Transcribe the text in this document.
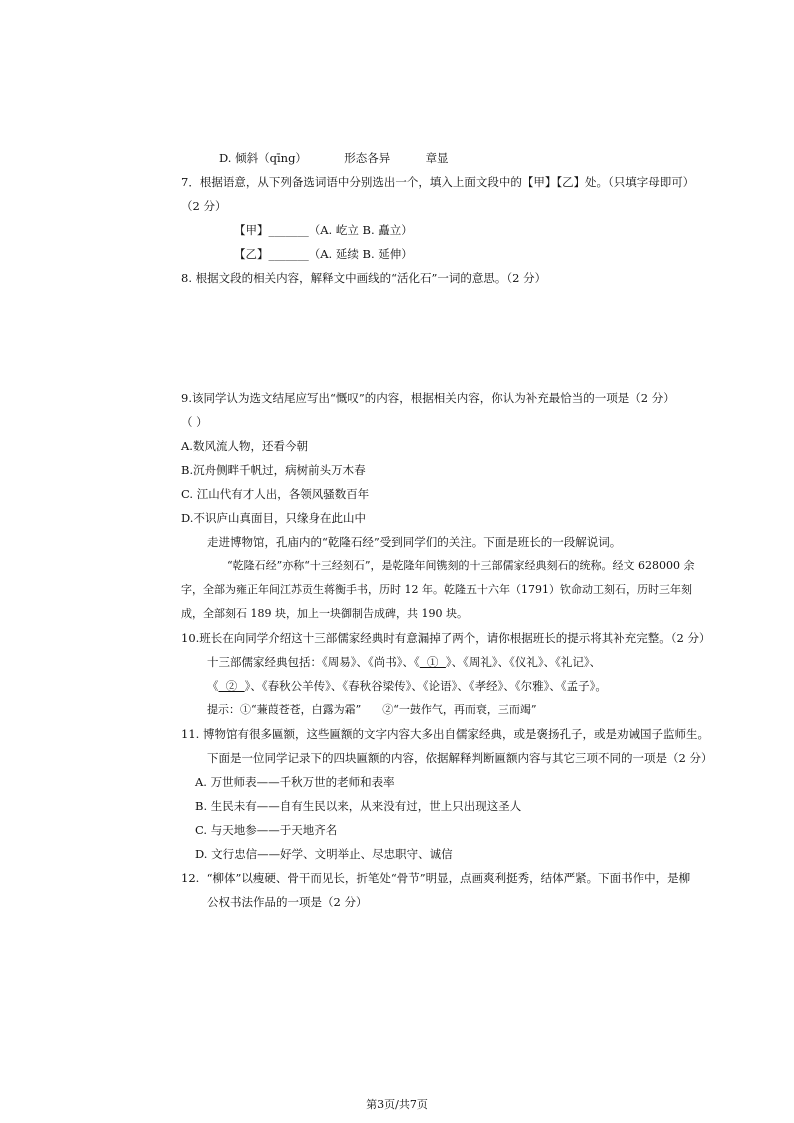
D. 倾斜（qīng）	形态各异	章显
7．根据语意，从下列备选词语中分别选出一个，填入上面文段中的【甲】【乙】处。（只填字母即可）
（2 分）
【甲】_______（A. 屹立 B. 矗立）
【乙】_______（A. 延续 B. 延伸）
8. 根据文段的相关内容，解释文中画线的“活化石”一词的意思。（2 分）
9.该同学认为选文结尾应写出“慨叹”的内容，根据相关内容，你认为补充最恰当的一项是（2 分）
（ ）
A.数风流人物，还看今朝
B.沉舟侧畔千帆过，病树前头万木春
C. 江山代有才人出，各领风骚数百年
D.不识庐山真面目，只缘身在此山中
走进博物馆，孔庙内的“乾隆石经”受到同学们的关注。下面是班长的一段解说词。
“乾隆石经”亦称“十三经刻石”，是乾隆年间镌刻的十三部儒家经典刻石的统称。经文 628000 余
字，全部为雍正年间江苏贡生蒋衡手书，历时 12 年。乾隆五十六年（1791）钦命动工刻石，历时三年刻
成，全部刻石 189 块，加上一块御制告成碑，共 190 块。
10.班长在向同学介绍这十三部儒家经典时有意漏掉了两个，请你根据班长的提示将其补充完整。（2 分）
十三部儒家经典包括：《周易》、《尚书》、《  ①  》、《周礼》、《仪礼》、《礼记》、
《  ②  》、《春秋公羊传》、《春秋谷梁传》、《论语》、《孝经》、《尔雅》、《孟子》。
提示：①“蒹葭苍苍，白露为霜”      ②“一鼓作气，再而衰，三而竭”
11. 博物馆有很多匾额，这些匾额的文字内容大多出自儒家经典，或是褒扬孔子，或是劝诫国子监师生。
下面是一位同学记录下的四块匾额的内容，依据解释判断匾额内容与其它三项不同的一项是（2 分）
A. 万世师表——千秋万世的老师和表率
B. 生民未有——自有生民以来，从来没有过，世上只出现这圣人
C. 与天地参——于天地齐名
D. 文行忠信——好学、文明举止、尽忠职守、诚信
12.  “柳体”以瘦硬、骨干而见长，折笔处“骨节”明显，点画爽利挺秀，结体严紧。下面书作中，是柳
公权书法作品的一项是（2 分）
第3页/共7页
